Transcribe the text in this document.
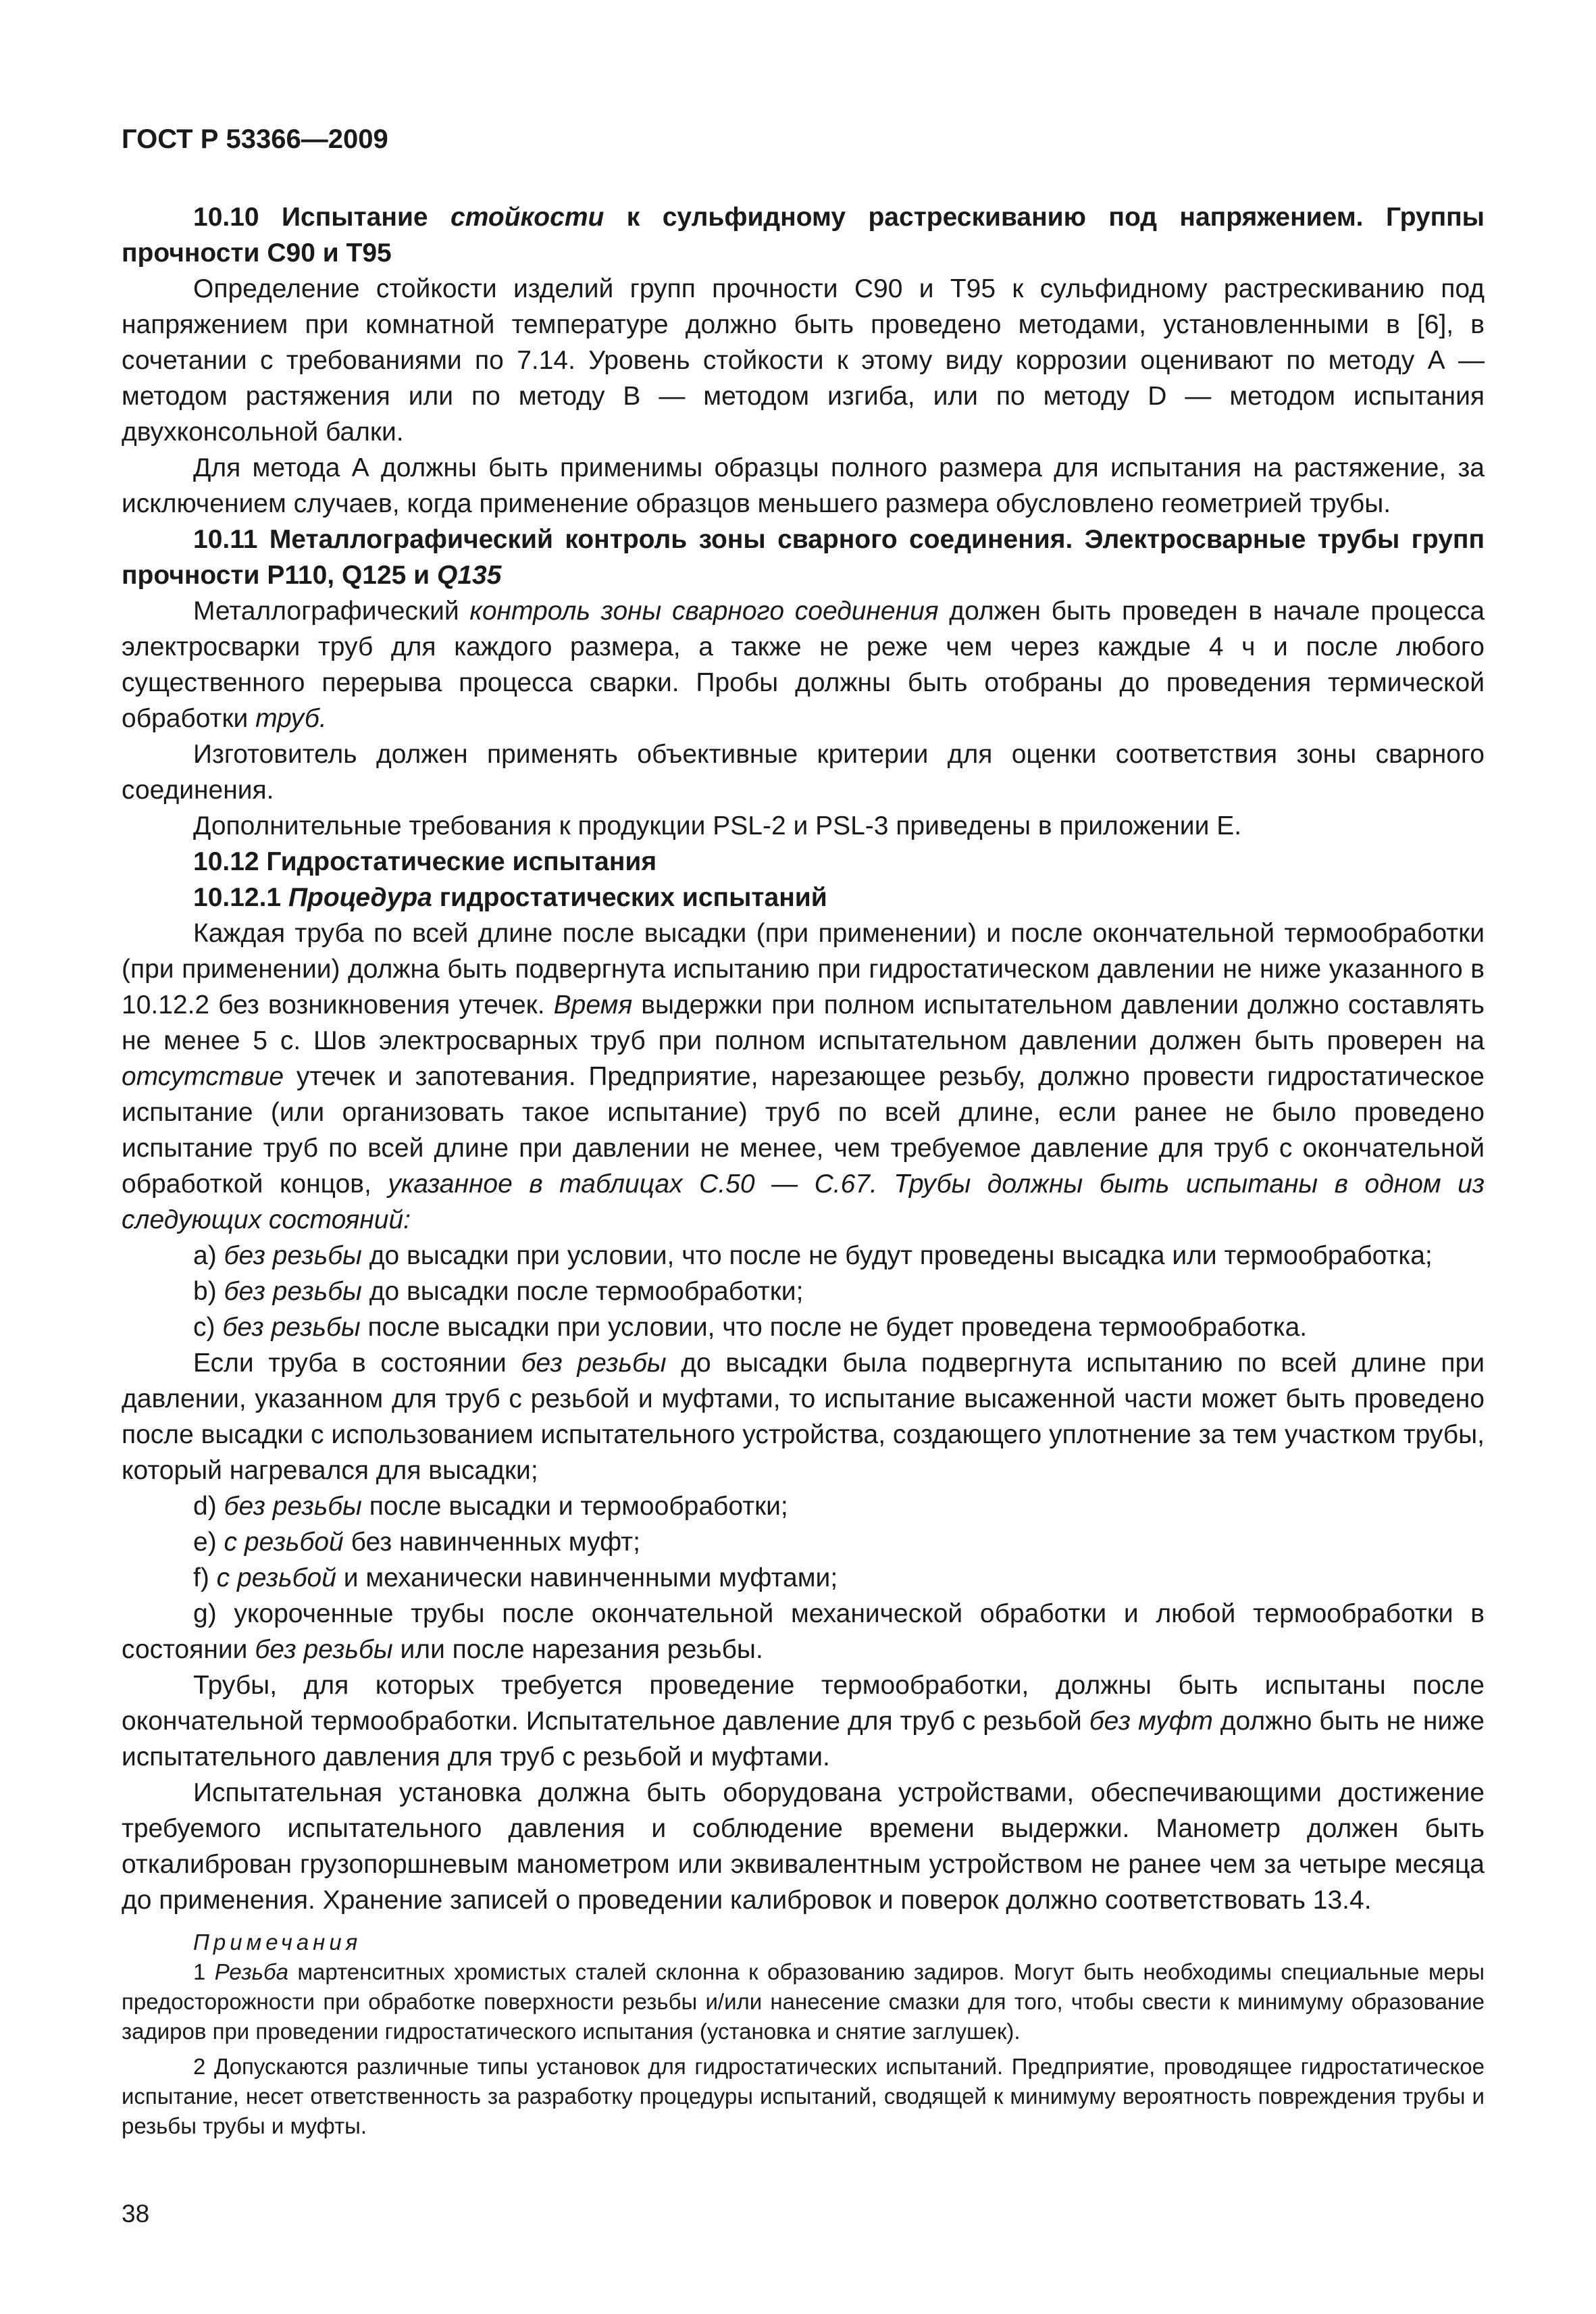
ГОСТ Р 53366—2009

10.10 Испытание стойкости к сульфидному растрескиванию под напряжением. Группы прочности C90 и T95

Определение стойкости изделий групп прочности C90 и T95 к сульфидному растрескиванию под напряжением при комнатной температуре должно быть проведено методами, установленными в [6], в сочетании с требованиями по 7.14. Уровень стойкости к этому виду коррозии оценивают по методу А — методом растяжения или по методу В — методом изгиба, или по методу D — методом испытания двухконсольной балки.

Для метода А должны быть применимы образцы полного размера для испытания на растяжение, за исключением случаев, когда применение образцов меньшего размера обусловлено геометрией трубы.

10.11 Металлографический контроль зоны сварного соединения. Электросварные трубы групп прочности P110, Q125 и Q135

Металлографический контроль зоны сварного соединения должен быть проведен в начале процесса электросварки труб для каждого размера, а также не реже чем через каждые 4 ч и после любого существенного перерыва процесса сварки. Пробы должны быть отобраны до проведения термической обработки труб.

Изготовитель должен применять объективные критерии для оценки соответствия зоны сварного соединения.

Дополнительные требования к продукции PSL-2 и PSL-3 приведены в приложении Е.

10.12 Гидростатические испытания

10.12.1 Процедура гидростатических испытаний

Каждая труба по всей длине после высадки (при применении) и после окончательной термообработки (при применении) должна быть подвергнута испытанию при гидростатическом давлении не ниже указанного в 10.12.2 без возникновения утечек. Время выдержки при полном испытательном давлении должно составлять не менее 5 с. Шов электросварных труб при полном испытательном давлении должен быть проверен на отсутствие утечек и запотевания. Предприятие, нарезающее резьбу, должно провести гидростатическое испытание (или организовать такое испытание) труб по всей длине, если ранее не было проведено испытание труб по всей длине при давлении не менее, чем требуемое давление для труб с окончательной обработкой концов, указанное в таблицах С.50 — С.67. Трубы должны быть испытаны в одном из следующих состояний:

а) без резьбы до высадки при условии, что после не будут проведены высадка или термообработка;

b) без резьбы до высадки после термообработки;

с) без резьбы после высадки при условии, что после не будет проведена термообработка.

Если труба в состоянии без резьбы до высадки была подвергнута испытанию по всей длине при давлении, указанном для труб с резьбой и муфтами, то испытание высаженной части может быть проведено после высадки с использованием испытательного устройства, создающего уплотнение за тем участком трубы, который нагревался для высадки;

d) без резьбы после высадки и термообработки;

е) с резьбой без навинченных муфт;

f) с резьбой и механически навинченными муфтами;

g) укороченные трубы после окончательной механической обработки и любой термообработки в состоянии без резьбы или после нарезания резьбы.

Трубы, для которых требуется проведение термообработки, должны быть испытаны после окончательной термообработки. Испытательное давление для труб с резьбой без муфт должно быть не ниже испытательного давления для труб с резьбой и муфтами.

Испытательная установка должна быть оборудована устройствами, обеспечивающими достижение требуемого испытательного давления и соблюдение времени выдержки. Манометр должен быть откалиброван грузопоршневым манометром или эквивалентным устройством не ранее чем за четыре месяца до применения. Хранение записей о проведении калибровок и поверок должно соответствовать 13.4.

Примечания

1 Резьба мартенситных хромистых сталей склонна к образованию задиров. Могут быть необходимы специальные меры предосторожности при обработке поверхности резьбы и/или нанесение смазки для того, чтобы свести к минимуму образование задиров при проведении гидростатического испытания (установка и снятие заглушек).

2 Допускаются различные типы установок для гидростатических испытаний. Предприятие, проводящее гидростатическое испытание, несет ответственность за разработку процедуры испытаний, сводящей к минимуму вероятность повреждения трубы и резьбы трубы и муфты.

38
